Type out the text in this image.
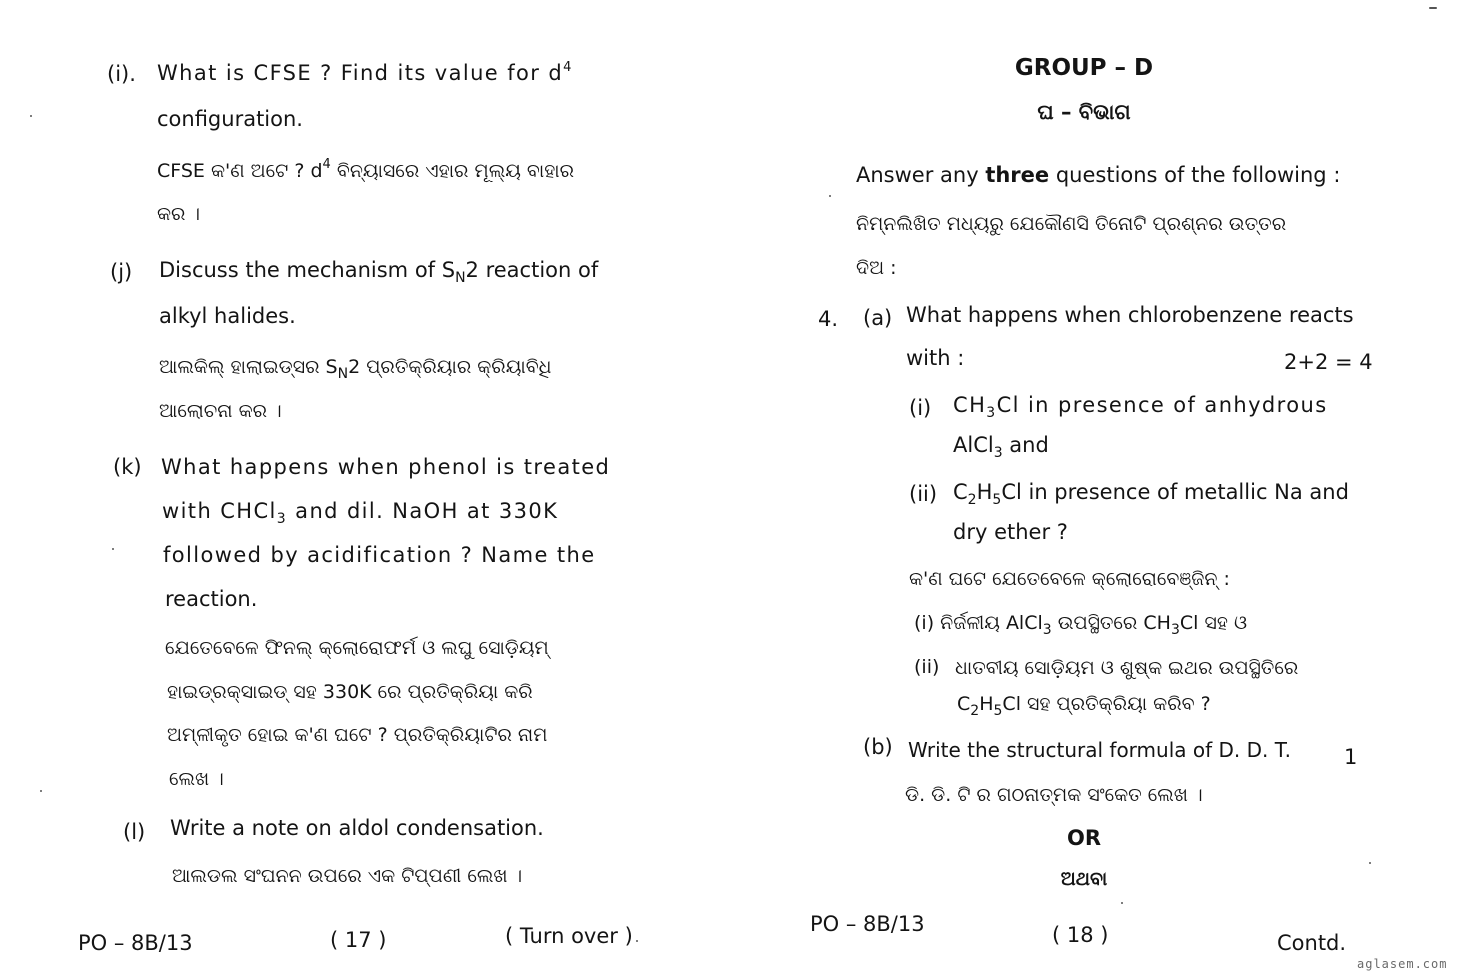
(i). What is CFSE ? Find its value for $d^4$
configuration.
CFSE କ'ଣ ଅଟେ ? $d^4$ ବିନ୍ୟାସରେ ଏହାର ମୂଲ୍ୟ ବାହାର
କର ।
(j) Discuss the mechanism of $S_N2$ reaction of
alkyl halides.
ଆଲକିଲ୍ ହାଲାଇଡ୍‌ସର $S_N2$ ପ୍ରତିକ୍ରିୟାର କ୍ରିୟାବିଧି
ଆଲୋଚନା କର ।
(k) What happens when phenol is treated
with CHCl$_3$ and dil. NaOH at 330K
followed by acidification ? Name the
reaction.
ଯେତେବେଳେ ଫିନଲ୍ କ୍ଲୋରୋଫର୍ମ ଓ ଲଘୁ ସୋଡ଼ିୟମ୍
ହାଇଡ୍ରକ୍‌ସାଇଡ୍ ସହ 330K ରେ ପ୍ରତିକ୍ରିୟା କରି
ଅମ୍ଳୀକୃତ ହୋଇ କ'ଣ ଘଟେ ? ପ୍ରତିକ୍ରିୟାଟିର ନାମ
ଲେଖ ।
(l) Write a note on aldol condensation.
ଆଲଡଲ ସଂଘନନ ଉପରେ ଏକ ଟିପ୍ପଣୀ ଲେଖ ।
PO – 8B/13	( 17 )	( Turn over )
GROUP – D
ଘ – ବିଭାଗ
Answer any three questions of the following :
ନିମ୍ନଲିଖିତ ମଧ୍ୟରୁ ଯେକୌଣସି ତିନୋଟି ପ୍ରଶ୍ନର ଉତ୍ତର
ଦିଅ :
4. (a) What happens when chlorobenzene reacts
with :	2+2 = 4
(i) $CH_3Cl$ in presence of anhydrous
AlCl$_3$ and
(ii) $C_2H_5Cl$ in presence of metallic Na and
dry ether ?
କ'ଣ ଘଟେ ଯେତେବେଳେ କ୍ଲୋରୋବେଞ୍ଜିନ୍ :
(i) ନିର୍ଜଳୀୟ AlCl$_3$ ଉପସ୍ଥିତରେ $CH_3Cl$ ସହ ଓ
(ii) ଧାତବୀୟ ସୋଡ଼ିୟମ ଓ ଶୁଷ୍କ ଇଥର ଉପସ୍ଥିତିରେ
$C_2H_5Cl$ ସହ ପ୍ରତିକ୍ରିୟା କରିବ ?
(b) Write the structural formula of D. D. T.	1
ଡି. ଡି. ଟି ର ଗଠନାତ୍ମକ ସଂକେତ ଲେଖ ।
OR
ଅଥବା
PO – 8B/13	( 18 )	Contd.
aglasem.com
